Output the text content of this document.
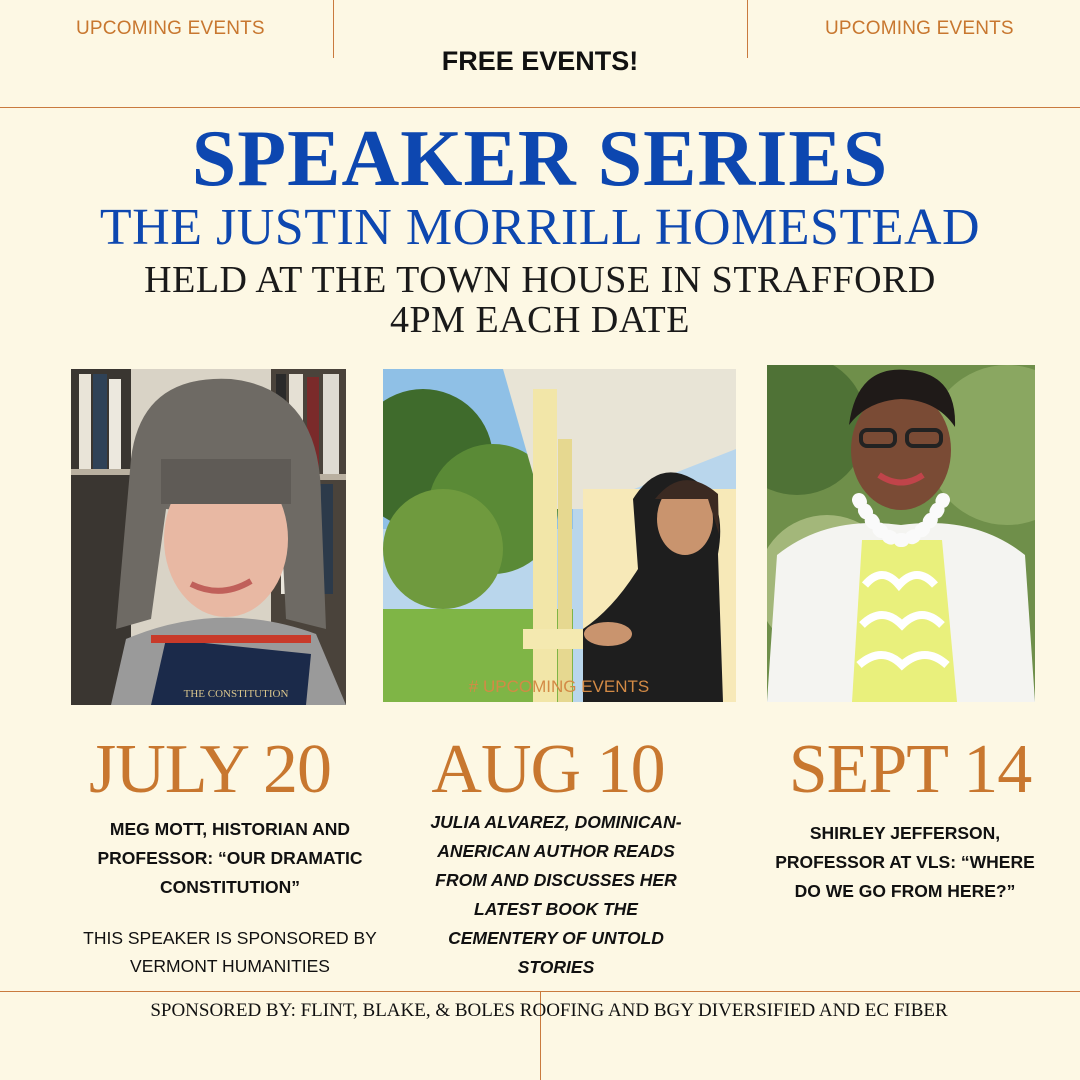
UPCOMING EVENTS	UPCOMING EVENTS
FREE EVENTS!
SPEAKER SERIES
THE JUSTIN MORRILL HOMESTEAD
HELD AT THE TOWN HOUSE IN STRAFFORD
4PM EACH DATE
THE CONSTITUTION	# UPCOMING EVENTS
JULY 20	AUG 10	SEPT 14
MEG MOTT, HISTORIAN AND
PROFESSOR: “OUR DRAMATIC
CONSTITUTION”
THIS SPEAKER IS SPONSORED BY
VERMONT HUMANITIES
JULIA ALVAREZ, DOMINICAN-
ANERICAN AUTHOR READS
FROM AND DISCUSSES HER
LATEST BOOK THE
CEMENTERY OF UNTOLD
STORIES
SHIRLEY JEFFERSON,
PROFESSOR AT VLS: “WHERE
DO WE GO FROM HERE?”
SPONSORED BY: FLINT, BLAKE, & BOLES ROOFING AND BGY DIVERSIFIED AND EC FIBER
